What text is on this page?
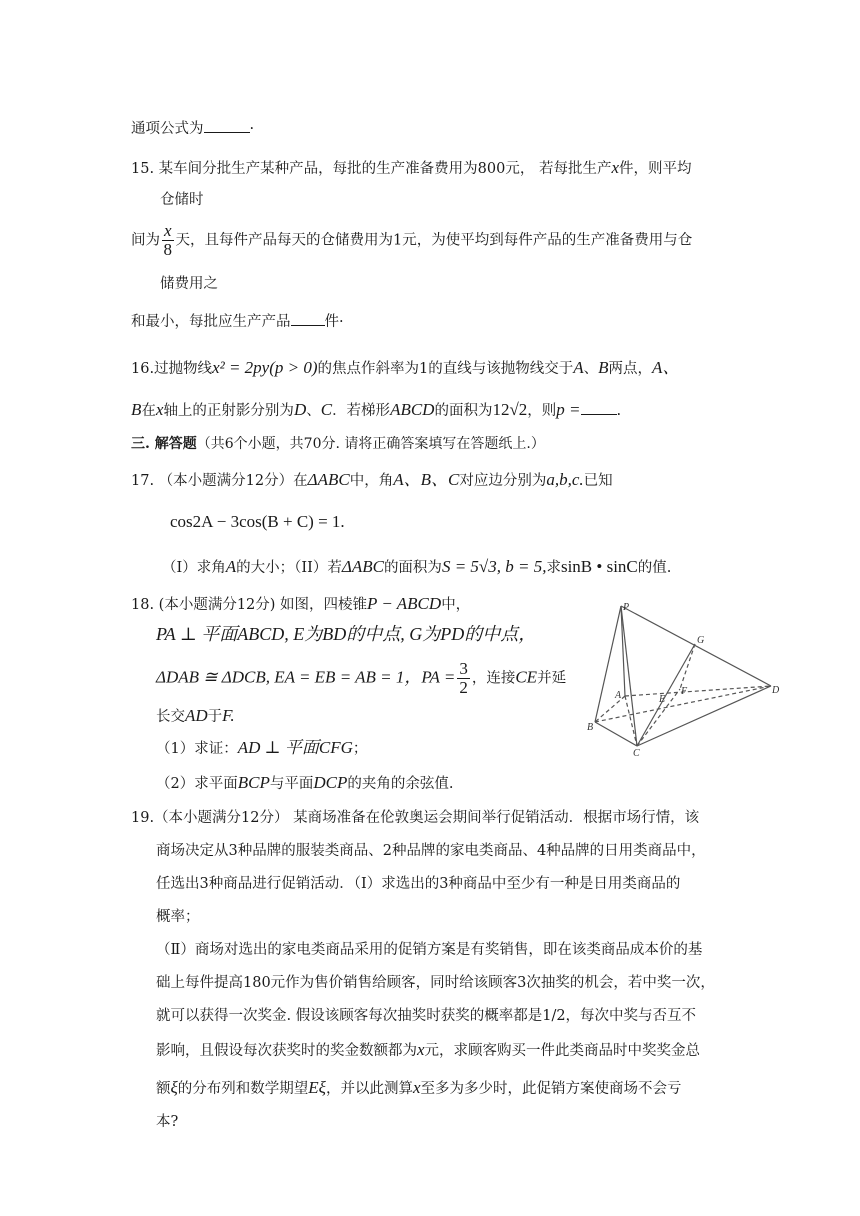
通项公式为	·
15. 某车间分批生产某种产品，每批的生产准备费用为800元， 若每批生产x件，则平均
仓储时
间为 $\frac{x}{8}$ 天，且每件产品每天的仓储费用为1元，为使平均到每件产品的生产准备费用与仓
储费用之
和最小，每批应生产产品 件·
16.过抛物线x² = 2py(p > 0)的焦点作斜率为1的直线与该抛物线交于A、B两点，A、
B在x轴上的正射影分别为D、C．若梯形ABCD的面积为12√2，则p = .
三. 解答题（共6个小题，共70分. 请将正确答案填写在答题纸上.）
17. （本小题满分12分）在ΔABC中，角A、B、C对应边分别为a,b,c.已知
cos2A − 3cos(B + C) = 1.
（I）求角A的大小；（II）若ΔABC的面积为S = 5√3, b = 5,求sinB • sinC的值.
18. (本小题满分12分) 如图，四棱锥P − ABCD中，
PA ⊥ 平面ABCD, E为BD的中点, G为PD的中点，
ΔDAB ≅ ΔDCB, EA = EB = AB = 1，PA = $\frac{3}{2}$ ，连接CE并延
长交AD于F.
（1）求证：AD ⊥ 平面CFG；
（2）求平面BCP与平面DCP的夹角的余弦值.
P
G
A	E
F	D
B
C
19.（本小题满分12分） 某商场准备在伦敦奥运会期间举行促销活动．根据市场行情，该
商场决定从3种品牌的服装类商品、2种品牌的家电类商品、4种品牌的日用类商品中，
任选出3种商品进行促销活动．（Ⅰ）求选出的3种商品中至少有一种是日用类商品的
概率；
（Ⅱ）商场对选出的家电类商品采用的促销方案是有奖销售，即在该类商品成本价的基
础上每件提高180元作为售价销售给顾客，同时给该顾客3次抽奖的机会，若中奖一次，
就可以获得一次奖金. 假设该顾客每次抽奖时获奖的概率都是1/2，每次中奖与否互不
影响，且假设每次获奖时的奖金数额都为x元，求顾客购买一件此类商品时中奖奖金总
额ξ的分布列和数学期望Eξ，并以此测算x至多为多少时，此促销方案使商场不会亏
本?
